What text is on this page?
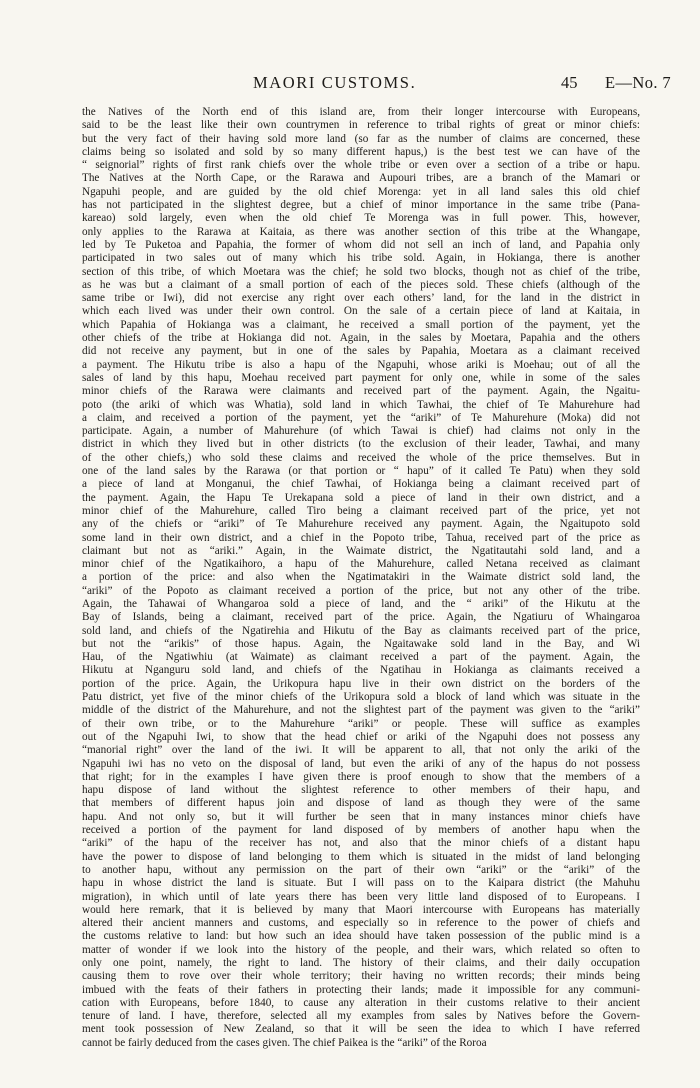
MAORI CUSTOMS.	45 E—No. 7
the Natives of the North end of this island are, from their longer intercourse with Europeans,
said to be the least like their own countrymen in reference to tribal rights of great or minor chiefs:
but the very fact of their having sold more land (so far as the number of claims are concerned, these
claims being so isolated and sold by so many different hapus,) is the best test we can have of the
“ seignorial” rights of first rank chiefs over the whole tribe or even over a section of a tribe or hapu.
The Natives at the North Cape, or the Rarawa and Aupouri tribes, are a branch of the Mamari or
Ngapuhi people, and are guided by the old chief Morenga: yet in all land sales this old chief
has not participated in the slightest degree, but a chief of minor importance in the same tribe (Pana-
kareao) sold largely, even when the old chief Te Morenga was in full power. This, however,
only applies to the Rarawa at Kaitaia, as there was another section of this tribe at the Whangape,
led by Te Puketoa and Papahia, the former of whom did not sell an inch of land, and Papahia only
participated in two sales out of many which his tribe sold. Again, in Hokianga, there is another
section of this tribe, of which Moetara was the chief; he sold two blocks, though not as chief of the tribe,
as he was but a claimant of a small portion of each of the pieces sold. These chiefs (although of the
same tribe or Iwi), did not exercise any right over each others’ land, for the land in the district in
which each lived was under their own control. On the sale of a certain piece of land at Kaitaia, in
which Papahia of Hokianga was a claimant, he received a small portion of the payment, yet the
other chiefs of the tribe at Hokianga did not. Again, in the sales by Moetara, Papahia and the others
did not receive any payment, but in one of the sales by Papahia, Moetara as a claimant received
a payment. The Hikutu tribe is also a hapu of the Ngapuhi, whose ariki is Moehau; out of all the
sales of land by this hapu, Moehau received part payment for only one, while in some of the sales
minor chiefs of the Rarawa were claimants and received part of the payment. Again, the Ngaitu-
poto (the ariki of which was Whatia), sold land in which Tawhai, the chief of Te Mahurehure had
a claim, and received a portion of the payment, yet the “ariki” of Te Mahurehure (Moka) did not
participate. Again, a number of Mahurehure (of which Tawai is chief) had claims not only in the
district in which they lived but in other districts (to the exclusion of their leader, Tawhai, and many
of the other chiefs,) who sold these claims and received the whole of the price themselves. But in
one of the land sales by the Rarawa (or that portion or “ hapu” of it called Te Patu) when they sold
a piece of land at Monganui, the chief Tawhai, of Hokianga being a claimant received part of
the payment. Again, the Hapu Te Urekapana sold a piece of land in their own district, and a
minor chief of the Mahurehure, called Tiro being a claimant received part of the price, yet not
any of the chiefs or “ariki” of Te Mahurehure received any payment. Again, the Ngaitupoto sold
some land in their own district, and a chief in the Popoto tribe, Tahua, received part of the price as
claimant but not as “ariki.” Again, in the Waimate district, the Ngatitautahi sold land, and a
minor chief of the Ngatikaihoro, a hapu of the Mahurehure, called Netana received as claimant
a portion of the price: and also when the Ngatimatakiri in the Waimate district sold land, the
“ariki” of the Popoto as claimant received a portion of the price, but not any other of the tribe.
Again, the Tahawai of Whangaroa sold a piece of land, and the “ ariki” of the Hikutu at the
Bay of Islands, being a claimant, received part of the price. Again, the Ngatiuru of Whaingaroa
sold land, and chiefs of the Ngatirehia and Hikutu of the Bay as claimants received part of the price,
but not the “arikis” of those hapus. Again, the Ngaitawake sold land in the Bay, and Wi
Hau, of the Ngatiwhiu (at Waimate) as claimant received a part of the payment. Again, the
Hikutu at Nganguru sold land, and chiefs of the Ngatihau in Hokianga as claimants received a
portion of the price. Again, the Urikopura hapu live in their own district on the borders of the
Patu district, yet five of the minor chiefs of the Urikopura sold a block of land which was situate in the
middle of the district of the Mahurehure, and not the slightest part of the payment was given to the “ariki”
of their own tribe, or to the Mahurehure “ariki” or people. These will suffice as examples
out of the Ngapuhi Iwi, to show that the head chief or ariki of the Ngapuhi does not possess any
“manorial right” over the land of the iwi. It will be apparent to all, that not only the ariki of the
Ngapuhi iwi has no veto on the disposal of land, but even the ariki of any of the hapus do not possess
that right; for in the examples I have given there is proof enough to show that the members of a
hapu dispose of land without the slightest reference to other members of their hapu, and
that members of different hapus join and dispose of land as though they were of the same
hapu. And not only so, but it will further be seen that in many instances minor chiefs have
received a portion of the payment for land disposed of by members of another hapu when the
“ariki” of the hapu of the receiver has not, and also that the minor chiefs of a distant hapu
have the power to dispose of land belonging to them which is situated in the midst of land belonging
to another hapu, without any permission on the part of their own “ariki” or the “ariki” of the
hapu in whose district the land is situate. But I will pass on to the Kaipara district (the Mahuhu
migration), in which until of late years there has been very little land disposed of to Europeans. I
would here remark, that it is believed by many that Maori intercourse with Europeans has materially
altered their ancient manners and customs, and especially so in reference to the power of chiefs and
the customs relative to land: but how such an idea should have taken possession of the public mind is a
matter of wonder if we look into the history of the people, and their wars, which related so often to
only one point, namely, the right to land. The history of their claims, and their daily occupation
causing them to rove over their whole territory; their having no written records; their minds being
imbued with the feats of their fathers in protecting their lands; made it impossible for any communi-
cation with Europeans, before 1840, to cause any alteration in their customs relative to their ancient
tenure of land. I have, therefore, selected all my examples from sales by Natives before the Govern-
ment took possession of New Zealand, so that it will be seen the idea to which I have referred
cannot be fairly deduced from the cases given. The chief Paikea is the “ariki” of the Roroa
